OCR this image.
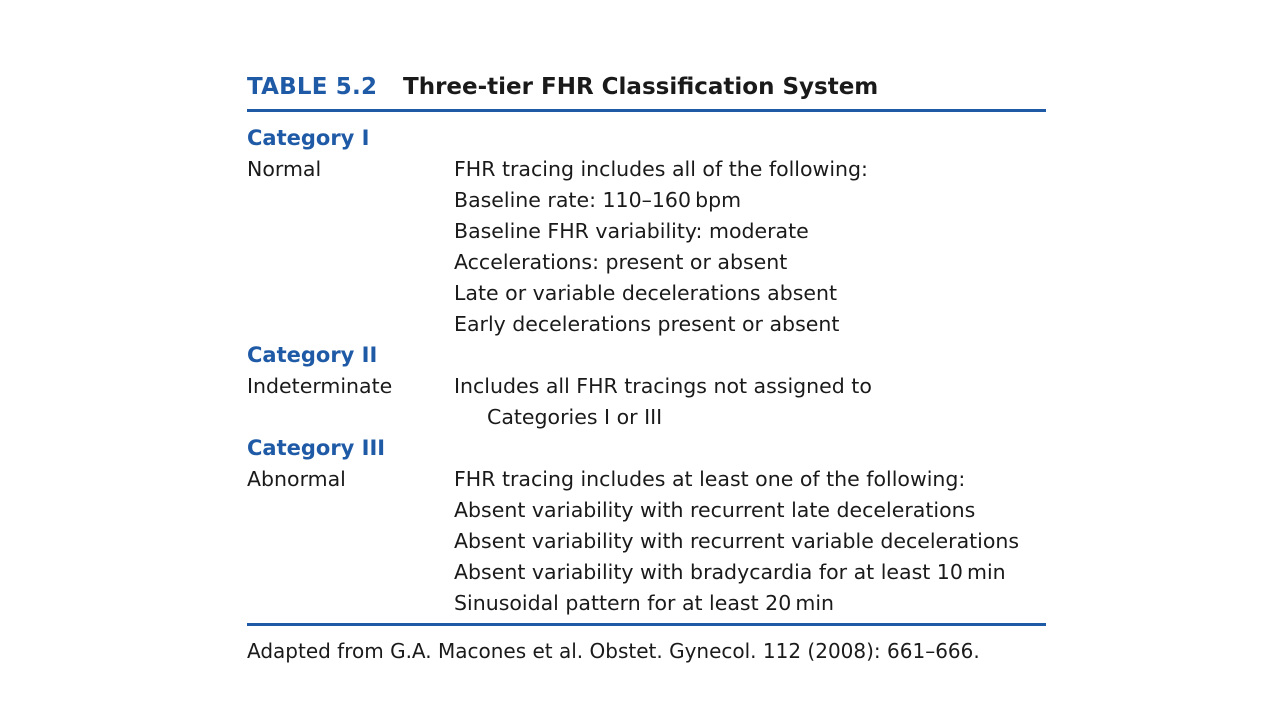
TABLE 5.2	Three-tier FHR Classification System
Category I
Normal	FHR tracing includes all of the following:
Baseline rate: 110–160 bpm
Baseline FHR variability: moderate
Accelerations: present or absent
Late or variable decelerations absent
Early decelerations present or absent
Category II
Indeterminate	Includes all FHR tracings not assigned to
Categories I or III
Category III
Abnormal	FHR tracing includes at least one of the following:
Absent variability with recurrent late decelerations
Absent variability with recurrent variable decelerations
Absent variability with bradycardia for at least 10 min
Sinusoidal pattern for at least 20 min
Adapted from G.A. Macones et al. Obstet. Gynecol. 112 (2008): 661–666.
